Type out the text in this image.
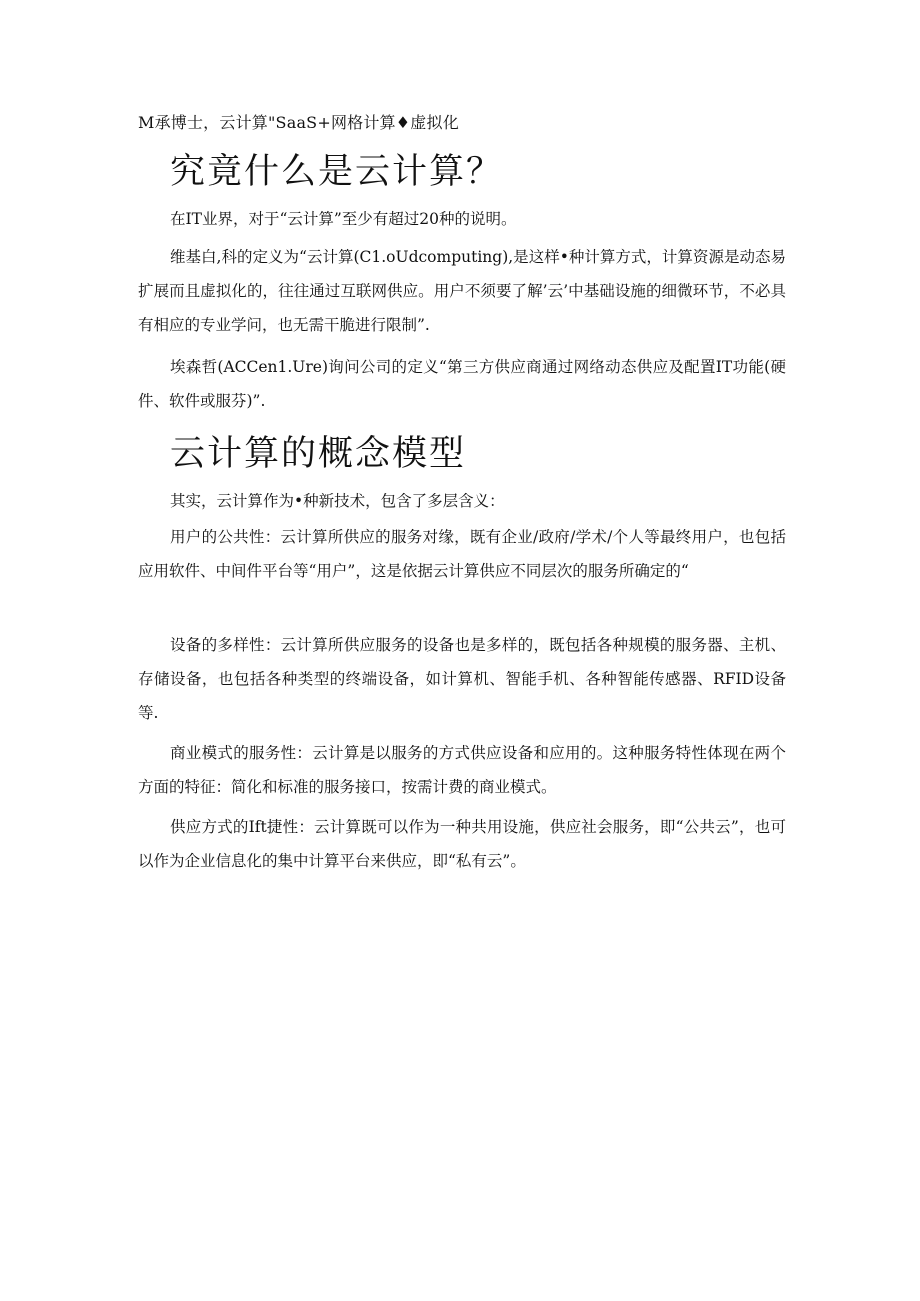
M承博士，云计算"SaaS+网格计算♦虚拟化
究竟什么是云计算？

在IT业界，对于“云计算”至少有超过20种的说明。

维基白,科的定义为“云计算(C1.oUdcomputing),是这样•种计算方式，计算资源是动态易扩展而且虚拟化的，往往通过互联网供应。用户不须要了解’云’中基础设施的细微环节，不必具有相应的专业学问，也无需干脆进行限制”.

埃森哲(ACCen1.Ure)询问公司的定义“第三方供应商通过网络动态供应及配置IT功能(硬件、软件或服芬)”.

云计算的概念模型

其实，云计算作为•种新技术，包含了多层含义：

用户的公共性：云计算所供应的服务对缘，既有企业/政府/学术/个人等最终用户，也包括应用软件、中间件平台等“用户”，这是依据云计算供应不同层次的服务所确定的“

设备的多样性：云计算所供应服务的设备也是多样的，既包括各种规模的服务器、主机、存储设备，也包括各种类型的终端设备，如计算机、智能手机、各种智能传感器、RFID设备等.

商业模式的服务性：云计算是以服务的方式供应设备和应用的。这种服务特性体现在两个方面的特征：简化和标准的服务接口，按需计费的商业模式。

供应方式的Ift捷性：云计算既可以作为一种共用设施，供应社会服务，即“公共云”，也可以作为企业信息化的集中计算平台来供应，即“私有云”。
